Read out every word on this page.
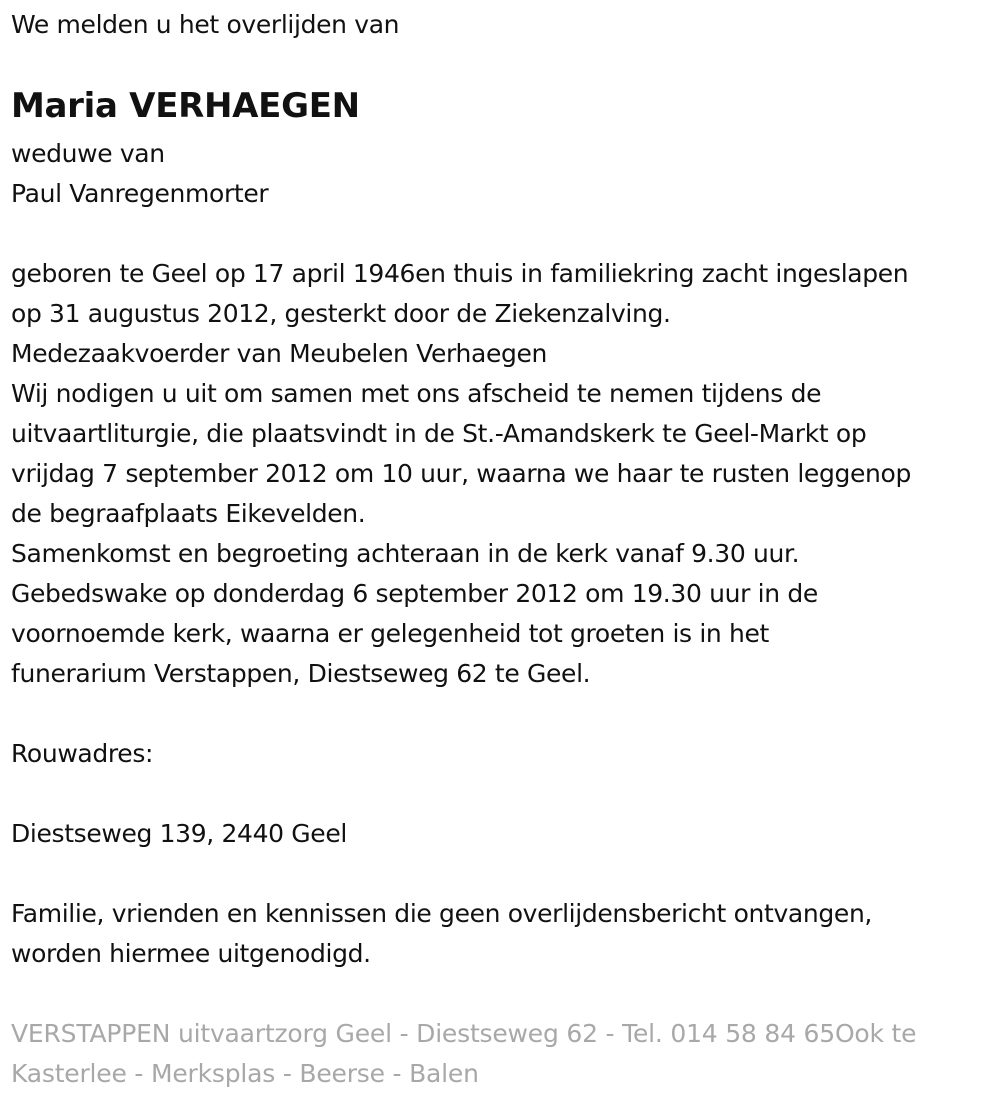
We melden u het overlijden van
Maria VERHAEGEN
weduwe van
Paul Vanregenmorter
geboren te Geel op 17 april 1946en thuis in familiekring zacht ingeslapen
op 31 augustus 2012, gesterkt door de Ziekenzalving.
Medezaakvoerder van Meubelen Verhaegen
Wij nodigen u uit om samen met ons afscheid te nemen tijdens de
uitvaartliturgie, die plaatsvindt in de St.-Amandskerk te Geel-Markt op
vrijdag 7 september 2012 om 10 uur, waarna we haar te rusten leggenop
de begraafplaats Eikevelden.
Samenkomst en begroeting achteraan in de kerk vanaf 9.30 uur.
Gebedswake op donderdag 6 september 2012 om 19.30 uur in de
voornoemde kerk, waarna er gelegenheid tot groeten is in het
funerarium Verstappen, Diestseweg 62 te Geel.
Rouwadres:
Diestseweg 139, 2440 Geel
Familie, vrienden en kennissen die geen overlijdensbericht ontvangen,
worden hiermee uitgenodigd.
VERSTAPPEN uitvaartzorg Geel - Diestseweg 62 - Tel. 014 58 84 65Ook te
Kasterlee - Merksplas - Beerse - Balen
